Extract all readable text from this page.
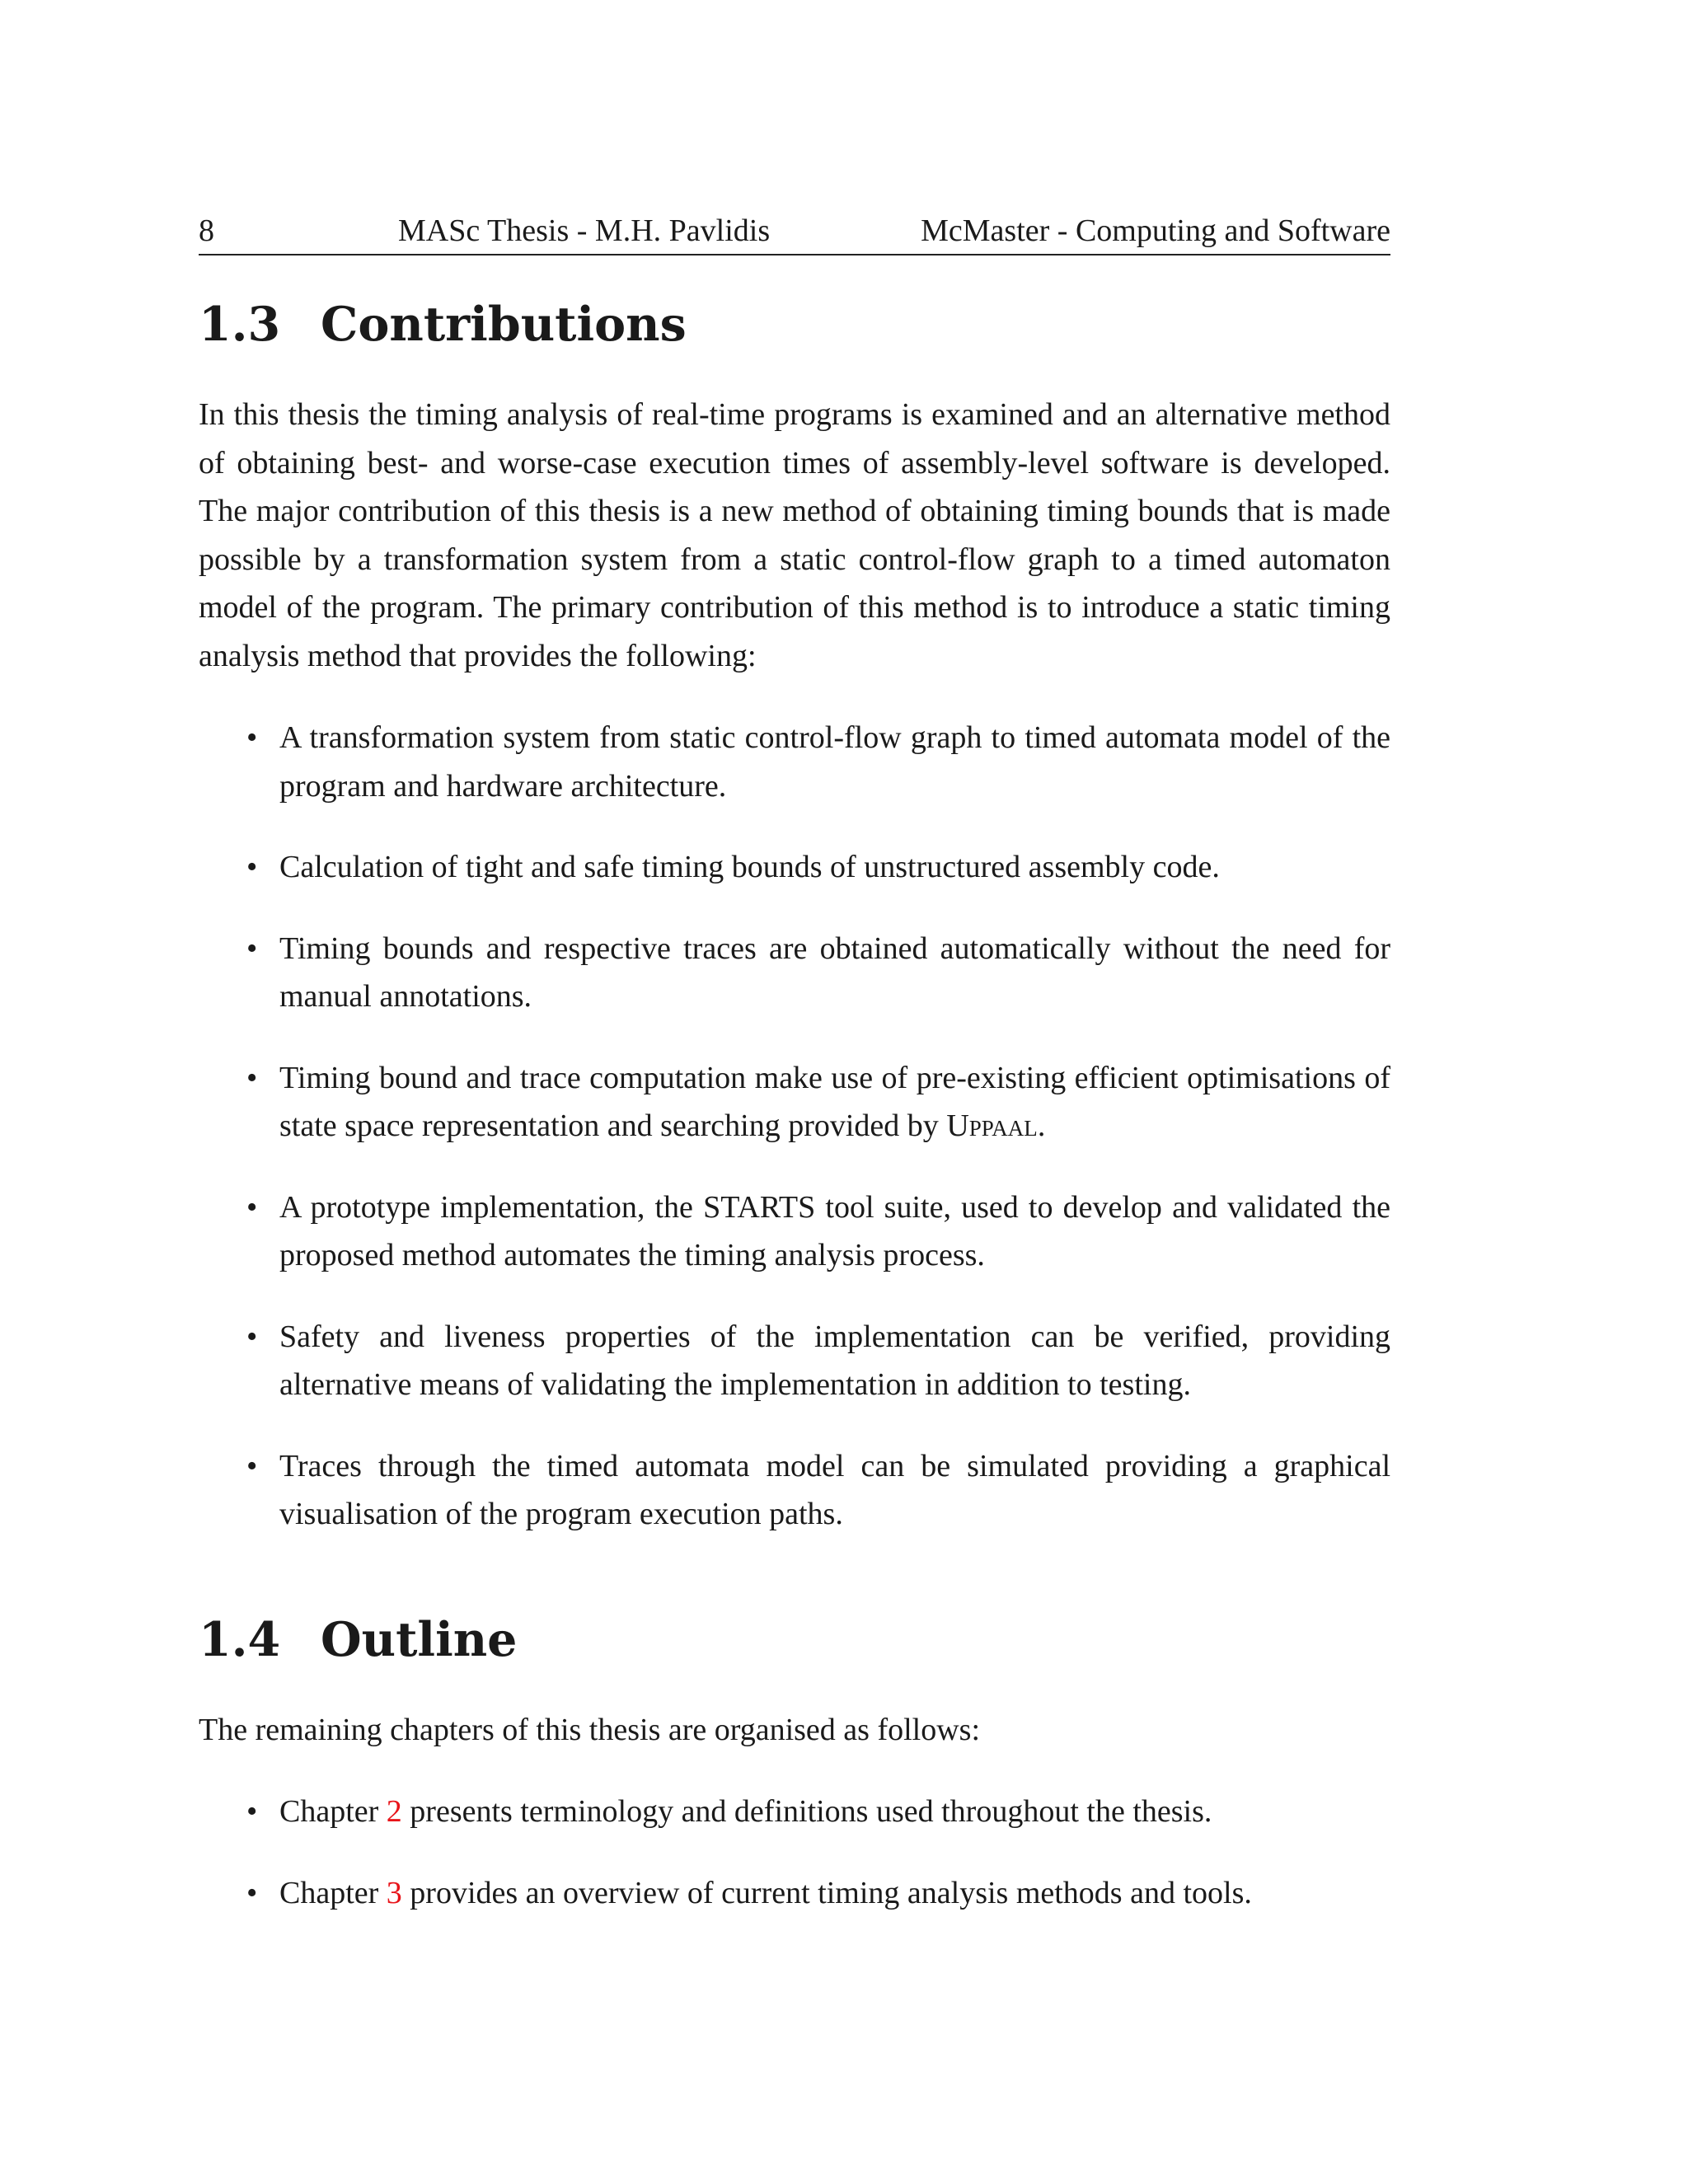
8	MASc Thesis - M.H. Pavlidis	McMaster - Computing and Software
1.3 Contributions

In this thesis the timing analysis of real-time programs is examined and an alternative method of obtaining best- and worse-case execution times of assembly-level software is developed. The major contribution of this thesis is a new method of obtaining timing bounds that is made possible by a transformation system from a static control-flow graph to a timed automaton model of the program. The primary contribution of this method is to introduce a static timing analysis method that provides the following:

• A transformation system from static control-flow graph to timed automata model of the program and hardware architecture.
• Calculation of tight and safe timing bounds of unstructured assembly code.
• Timing bounds and respective traces are obtained automatically without the need for manual annotations.
• Timing bound and trace computation make use of pre-existing efficient optimisations of state space representation and searching provided by Uppaal.
• A prototype implementation, the STARTS tool suite, used to develop and validated the proposed method automates the timing analysis process.
• Safety and liveness properties of the implementation can be verified, providing alternative means of validating the implementation in addition to testing.
• Traces through the timed automata model can be simulated providing a graphical visualisation of the program execution paths.
1.4 Outline

The remaining chapters of this thesis are organised as follows:

• Chapter 2 presents terminology and definitions used throughout the thesis.
• Chapter 3 provides an overview of current timing analysis methods and tools.
